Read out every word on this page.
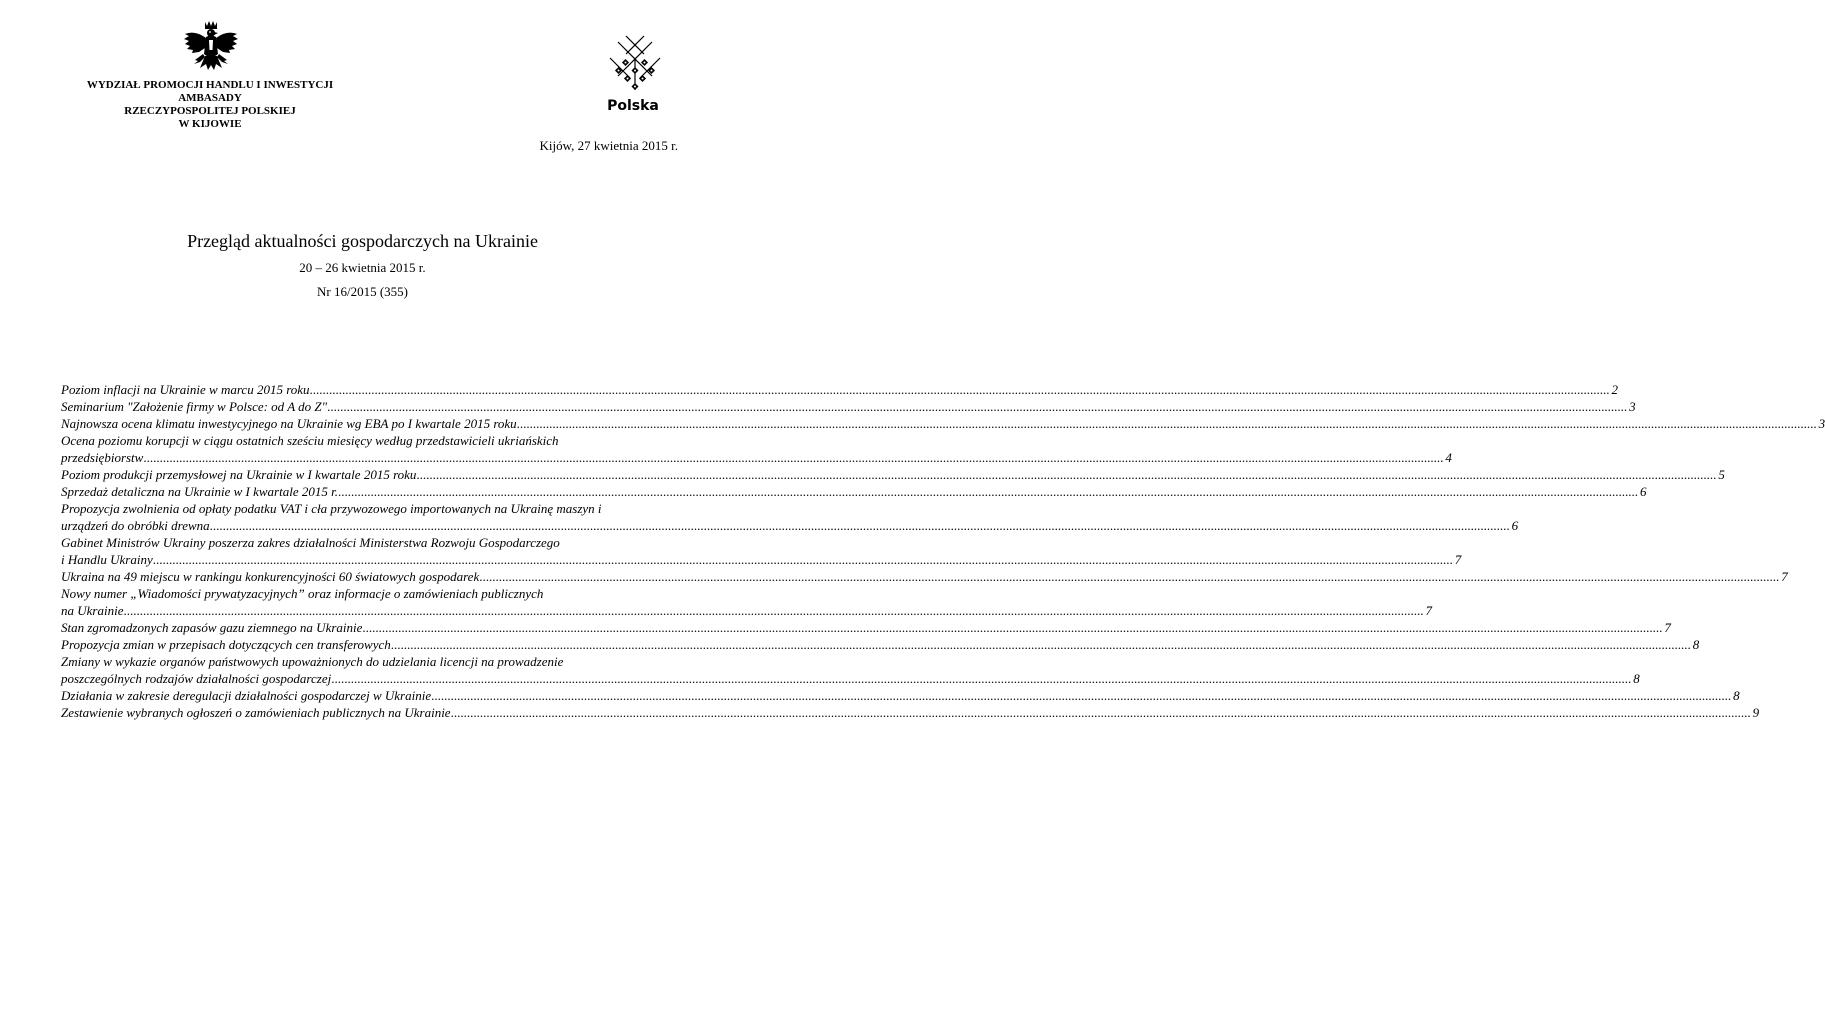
WYDZIAŁ PROMOCJI HANDLU I INWESTYCJI
AMBASADY
RZECZYPOSPOLITEJ POLSKIEJ
W KIJOWIE
Polska
Kijów, 27 kwietnia 2015 r.
Przegląd aktualności gospodarczych na Ukrainie
20 – 26 kwietnia 2015 r.
Nr 16/2015 (355)
Poziom inflacji na Ukrainie w marcu 2015 roku ................................................................................................................................................................................................................................................................................................................................................................................................................ 2
Seminarium "Założenie firmy w Polsce: od A do Z" ................................................................................................................................................................................................................................................................................................................................................................................................................ 3
Najnowsza ocena klimatu inwestycyjnego na Ukrainie wg EBA po I kwartale 2015 roku ................................................................................................................................................................................................................................................................................................................................................................................................................ 3
Ocena poziomu korupcji w ciągu ostatnich sześciu miesięcy według przedstawicieli ukriańskich
przedsiębiorstw ................................................................................................................................................................................................................................................................................................................................................................................................................ 4
Poziom produkcji przemysłowej na Ukrainie w I kwartale 2015 roku ................................................................................................................................................................................................................................................................................................................................................................................................................ 5
Sprzedaż detaliczna na Ukrainie w I kwartale 2015 r. ................................................................................................................................................................................................................................................................................................................................................................................................................ 6
Propozycja zwolnienia od opłaty podatku VAT i cła przywozowego importowanych na Ukrainę maszyn i
urządzeń do obróbki drewna ................................................................................................................................................................................................................................................................................................................................................................................................................ 6
Gabinet Ministrów Ukrainy poszerza zakres działalności Ministerstwa Rozwoju Gospodarczego
i Handlu Ukrainy ................................................................................................................................................................................................................................................................................................................................................................................................................ 7
Ukraina na 49 miejscu w rankingu konkurencyjności 60 światowych gospodarek ................................................................................................................................................................................................................................................................................................................................................................................................................ 7
Nowy numer „Wiadomości prywatyzacyjnych” oraz informacje o zamówieniach publicznych
na Ukrainie ................................................................................................................................................................................................................................................................................................................................................................................................................ 7
Stan zgromadzonych zapasów gazu ziemnego na Ukrainie ................................................................................................................................................................................................................................................................................................................................................................................................................ 7
Propozycja zmian w przepisach dotyczących cen transferowych ................................................................................................................................................................................................................................................................................................................................................................................................................ 8
Zmiany w wykazie organów państwowych upoważnionych do udzielania licencji na prowadzenie
poszczególnych rodzajów działalności gospodarczej ................................................................................................................................................................................................................................................................................................................................................................................................................ 8
Działania w zakresie deregulacji działalności gospodarczej w Ukrainie ................................................................................................................................................................................................................................................................................................................................................................................................................ 8
Zestawienie wybranych ogłoszeń o zamówieniach publicznych na Ukrainie ................................................................................................................................................................................................................................................................................................................................................................................................................ 9
